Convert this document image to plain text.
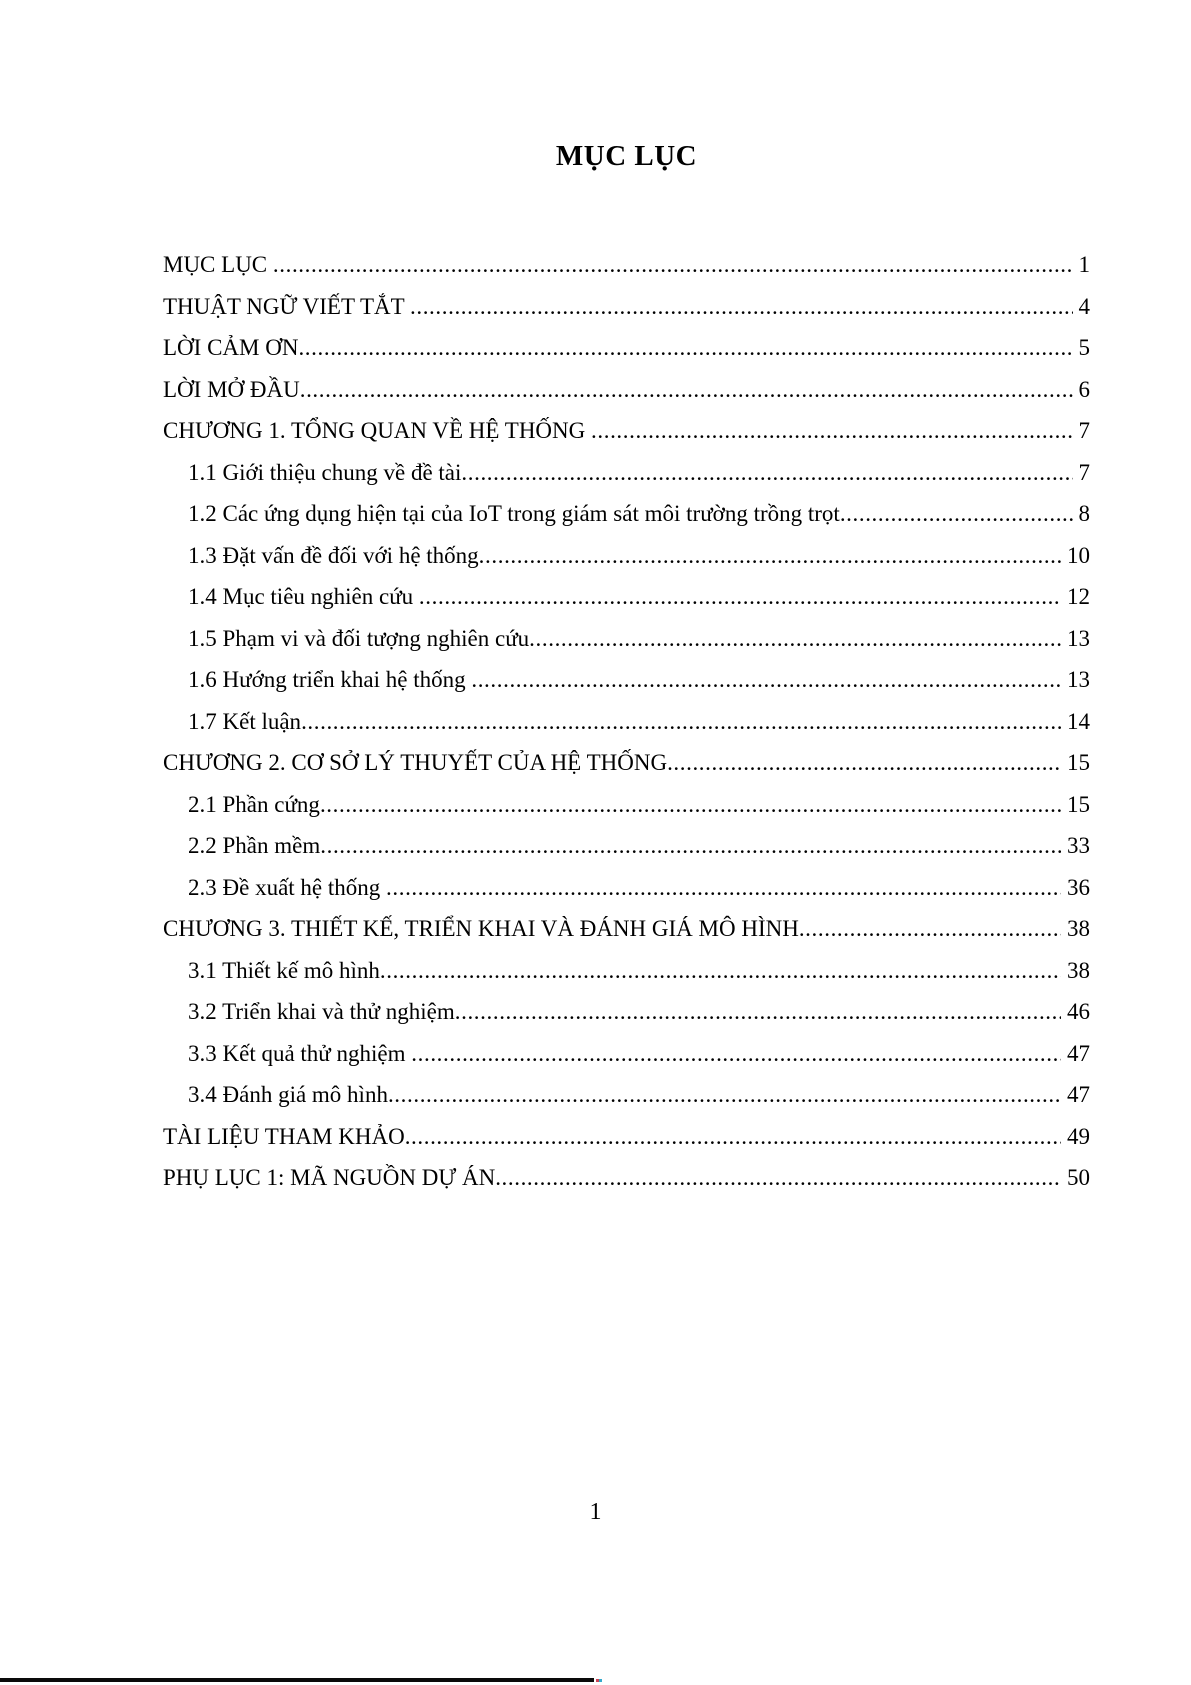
MỤC LỤC
MỤC LỤC .....	1
THUẬT NGỮ VIẾT TẮT .....	4
LỜI CẢM ƠN .....	5
LỜI MỞ ĐẦU .....	6
CHƯƠNG 1. TỔNG QUAN VỀ HỆ THỐNG .....	7
1.1 Giới thiệu chung về đề tài .....	7
1.2 Các ứng dụng hiện tại của IoT trong giám sát môi trường trồng trọt .....	8
1.3 Đặt vấn đề đối với hệ thống .....	10
1.4 Mục tiêu nghiên cứu .....	12
1.5 Phạm vi và đối tượng nghiên cứu .....	13
1.6 Hướng triển khai hệ thống .....	13
1.7 Kết luận .....	14
CHƯƠNG 2. CƠ SỞ LÝ THUYẾT CỦA HỆ THỐNG .....	15
2.1 Phần cứng .....	15
2.2 Phần mềm .....	33
2.3 Đề xuất hệ thống .....	36
CHƯƠNG 3. THIẾT KẾ, TRIỂN KHAI VÀ ĐÁNH GIÁ MÔ HÌNH .....	38
3.1 Thiết kế mô hình .....	38
3.2 Triển khai và thử nghiệm .....	46
3.3 Kết quả thử nghiệm .....	47
3.4 Đánh giá mô hình .....	47
TÀI LIỆU THAM KHẢO .....	49
PHỤ LỤC 1: MÃ NGUỒN DỰ ÁN .....	50
1
